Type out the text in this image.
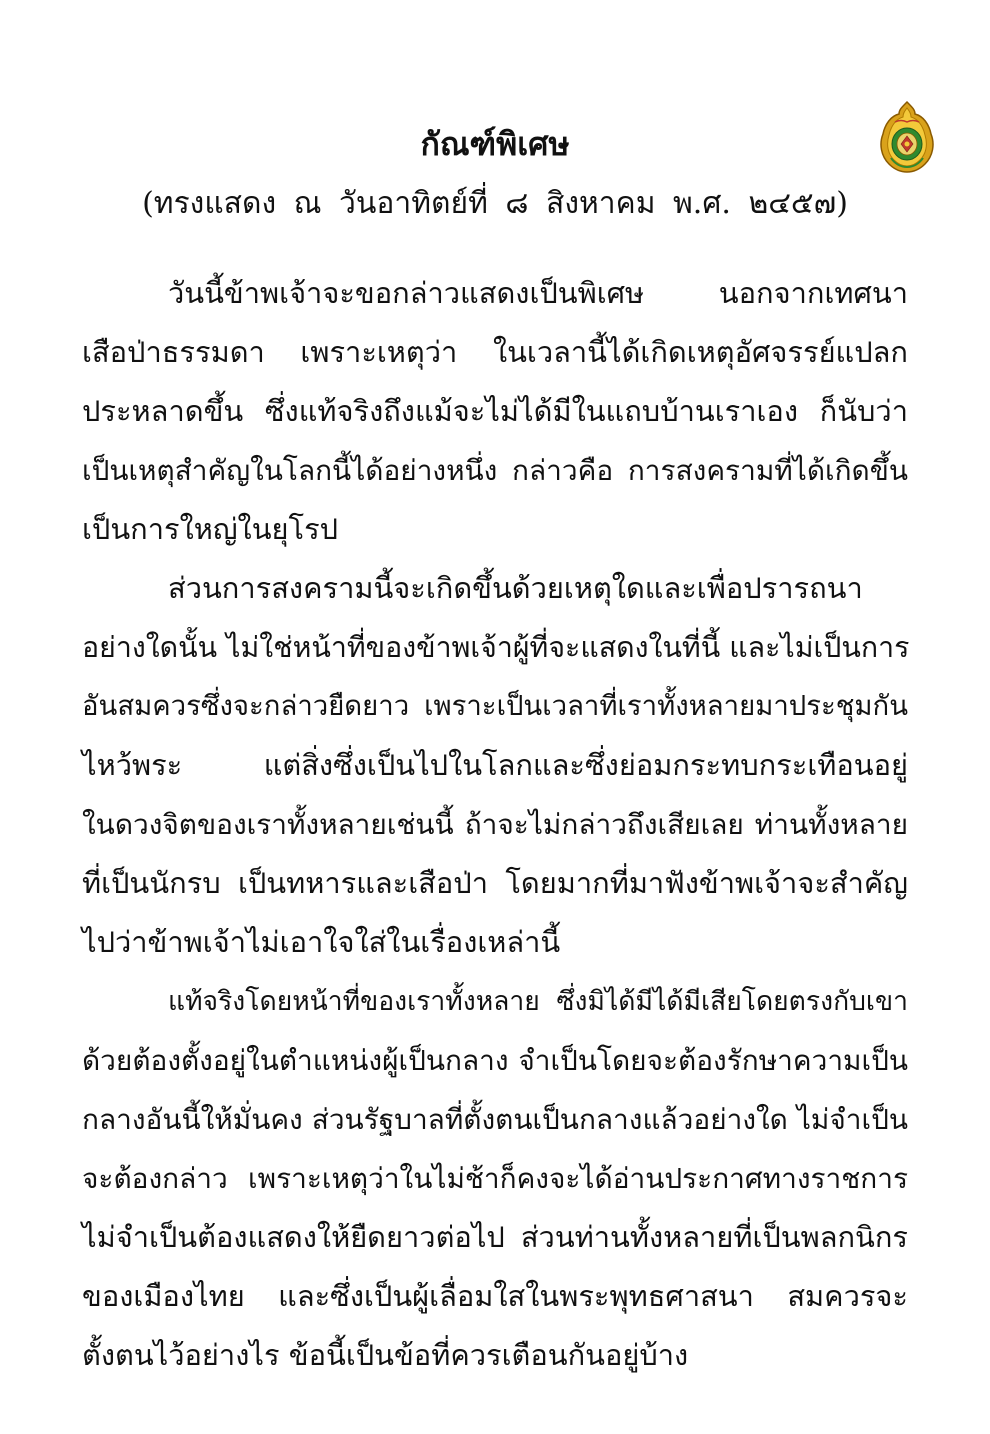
กัณฑ์พิเศษ
(ทรงแสดง ณ วันอาทิตย์ที่ ๘ สิงหาคม พ.ศ. ๒๔๕๗)
วันนี้ข้าพเจ้าจะขอกล่าวแสดงเป็นพิเศษ นอกจากเทศนา
เสือป่าธรรมดา เพราะเหตุว่า ในเวลานี้ได้เกิดเหตุอัศจรรย์แปลก
ประหลาดขึ้น ซึ่งแท้จริงถึงแม้จะไม่ได้มีในแถบบ้านเราเอง ก็นับว่า
เป็นเหตุสำคัญในโลกนี้ได้อย่างหนึ่ง กล่าวคือ การสงครามที่ได้เกิดขึ้น
เป็นการใหญ่ในยุโรป
ส่วนการสงครามนี้จะเกิดขึ้นด้วยเหตุใดและเพื่อปรารถนา
อย่างใดนั้น ไม่ใช่หน้าที่ของข้าพเจ้าผู้ที่จะแสดงในที่นี้ และไม่เป็นการ
อันสมควรซึ่งจะกล่าวยืดยาว เพราะเป็นเวลาที่เราทั้งหลายมาประชุมกัน
ไหว้พระ แต่สิ่งซึ่งเป็นไปในโลกและซึ่งย่อมกระทบกระเทือนอยู่
ในดวงจิตของเราทั้งหลายเช่นนี้ ถ้าจะไม่กล่าวถึงเสียเลย ท่านทั้งหลาย
ที่เป็นนักรบ เป็นทหารและเสือป่า โดยมากที่มาฟังข้าพเจ้าจะสำคัญ
ไปว่าข้าพเจ้าไม่เอาใจใส่ในเรื่องเหล่านี้
แท้จริงโดยหน้าที่ของเราทั้งหลาย ซึ่งมิได้มีได้มีเสียโดยตรงกับเขา
ด้วยต้องตั้งอยู่ในตำแหน่งผู้เป็นกลาง จำเป็นโดยจะต้องรักษาความเป็น
กลางอันนี้ให้มั่นคง ส่วนรัฐบาลที่ตั้งตนเป็นกลางแล้วอย่างใด ไม่จำเป็น
จะต้องกล่าว เพราะเหตุว่าในไม่ช้าก็คงจะได้อ่านประกาศทางราชการ
ไม่จำเป็นต้องแสดงให้ยืดยาวต่อไป ส่วนท่านทั้งหลายที่เป็นพลกนิกร
ของเมืองไทย และซึ่งเป็นผู้เลื่อมใสในพระพุทธศาสนา สมควรจะ
ตั้งตนไว้อย่างไร ข้อนี้เป็นข้อที่ควรเตือนกันอยู่บ้าง
